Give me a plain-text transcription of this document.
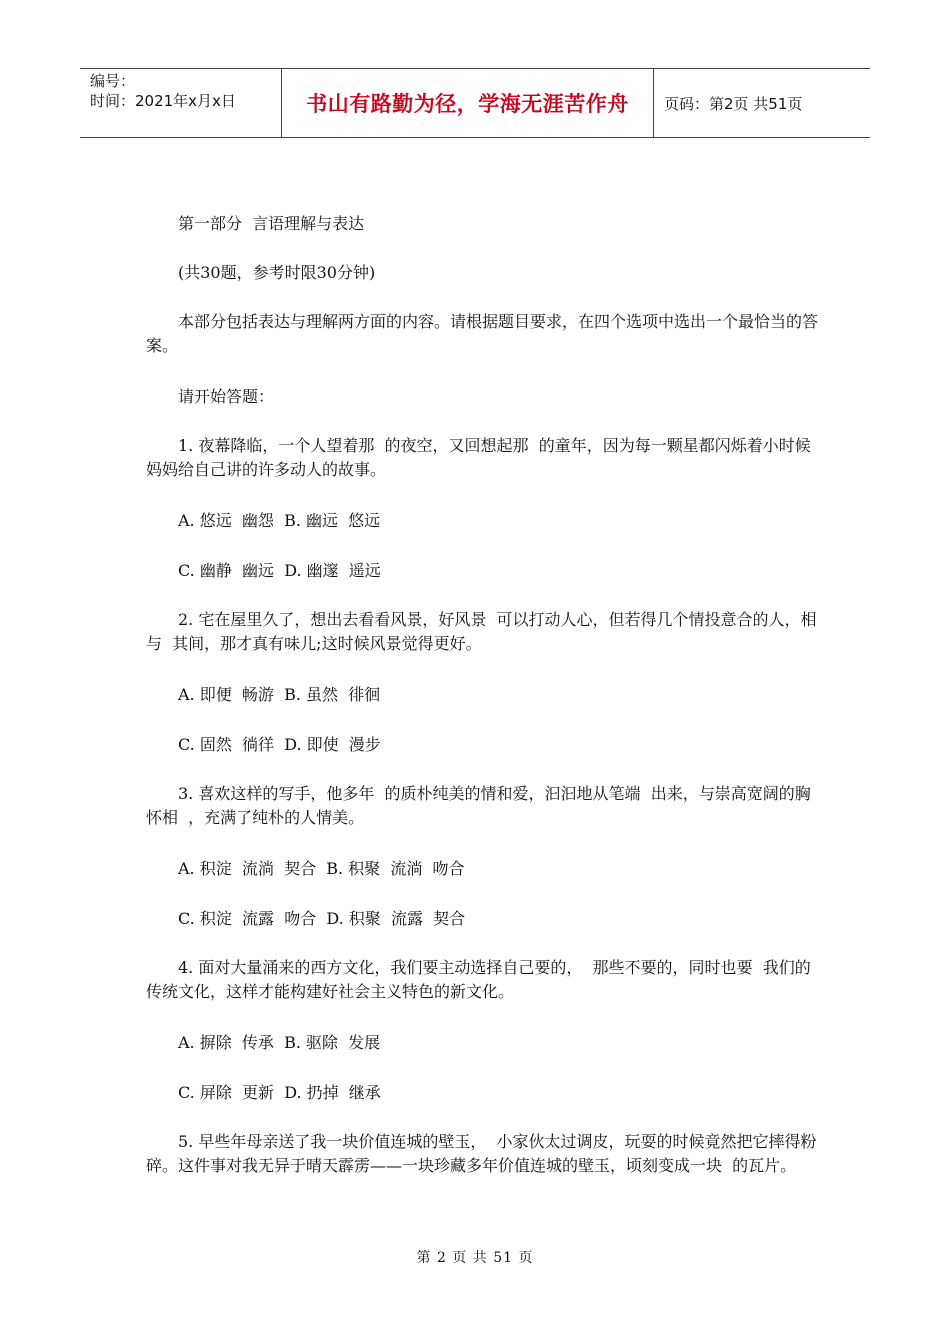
编号：
时间：2021年x月x日	书山有路勤为径，学海无涯苦作舟	页码：第2页 共51页

第一部分  言语理解与表达

(共30题，参考时限30分钟)

本部分包括表达与理解两方面的内容。请根据题目要求，在四个选项中选出一个最恰当的答案。

请开始答题：

1. 夜幕降临，一个人望着那  的夜空，又回想起那  的童年，因为每一颗星都闪烁着小时候妈妈给自己讲的许多动人的故事。

A. 悠远  幽怨  B. 幽远  悠远

C. 幽静  幽远  D. 幽邃  遥远

2. 宅在屋里久了，想出去看看风景，好风景  可以打动人心，但若得几个情投意合的人，相与  其间，那才真有味儿;这时候风景觉得更好。

A. 即便  畅游  B. 虽然  徘徊

C. 固然  徜徉  D. 即使  漫步

3. 喜欢这样的写手，他多年  的质朴纯美的情和爱，汩汩地从笔端  出来，与崇高宽阔的胸怀相  ，充满了纯朴的人情美。

A. 积淀  流淌  契合  B. 积聚  流淌  吻合

C. 积淀  流露  吻合  D. 积聚  流露  契合

4. 面对大量涌来的西方文化，我们要主动选择自己要的，  那些不要的，同时也要  我们的传统文化，这样才能构建好社会主义特色的新文化。

A. 摒除  传承  B. 驱除  发展

C. 屏除  更新  D. 扔掉  继承

5. 早些年母亲送了我一块价值连城的壁玉，  小家伙太过调皮，玩耍的时候竟然把它摔得粉碎。这件事对我无异于晴天霹雳——一块珍藏多年价值连城的壁玉，顷刻变成一块  的瓦片。

第 2 页 共 51 页
